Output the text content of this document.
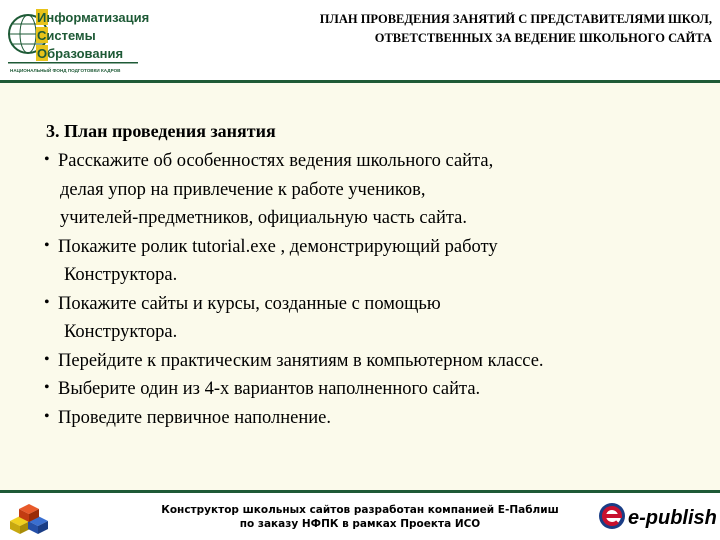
Информатизация
Системы
Образования
НАЦИОНАЛЬНЫЙ ФОНД ПОДГОТОВКИ КАДРОВ
ПЛАН ПРОВЕДЕНИЯ ЗАНЯТИЙ С ПРЕДСТАВИТЕЛЯМИ ШКОЛ,
ОТВЕТСТВЕННЫХ ЗА ВЕДЕНИЕ ШКОЛЬНОГО САЙТА
3. План проведения занятия
• Расскажите об особенностях ведения школьного сайта,
делая упор на привлечение к работе учеников,
учителей-предметников, официальную часть сайта.
• Покажите ролик tutorial.exe , демонстрирующий работу
Конструктора.
• Покажите сайты и курсы, созданные с помощью
Конструктора.
• Перейдите к практическим занятиям в компьютерном классе.
• Выберите один из 4-х вариантов наполненного сайта.
• Проведите первичное наполнение.
Конструктор школьных сайтов разработан компанией Е-Паблиш
по заказу НФПК в рамках Проекта ИСО	e-publish
